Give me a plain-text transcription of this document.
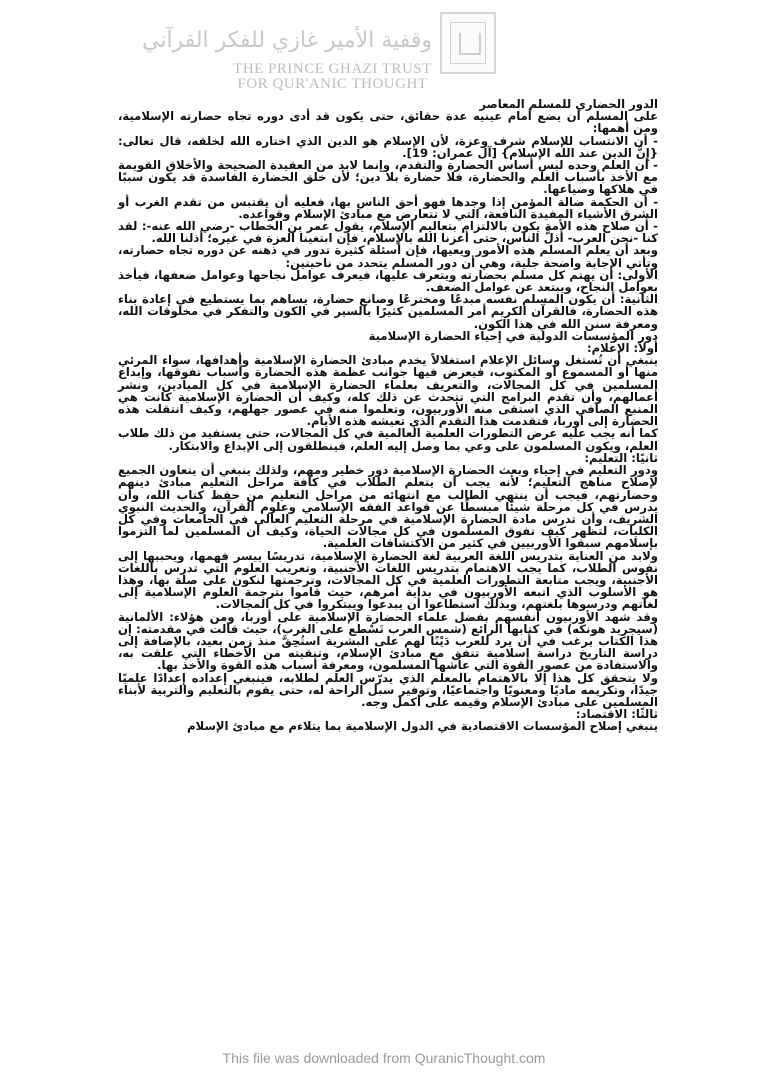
وقفية الأمير غازي للفكر القرآني
THE PRINCE GHAZI TRUST
FOR QUR'ANIC THOUGHT

الدور الحضاري للمسلم المعاصر

على المسلم أن يضع أمام عينيه عدة حقائق، حتى يكون قد أدى دوره تجاه حضارته الإسلامية، ومن أهمها:

- أن الانتساب للإسلام شرف وعزة، لأن الإسلام هو الدين الذي اختاره الله لخلقه، قال تعالى: {إِنَّ الدين عند الله الإسلام} [آل عمران: 19].

- أن العلم وحده ليس أساس الحضارة والتقدم، وإنما لابد من العقيدة الصحيحة والأخلاق القويمة مع الأخذ بأسباب العلم والحضارة، فلا حضارة بلا دين؛ لأن خلق الحضارة الفاسدة قد يكون سببًا في هلاكها وضياعها.

- أن الحكمة ضالة المؤمن إذا وجدها فهو أحق الناس بها، فعليه أن يقتبس من تقدم الغرب أو الشرق الأشياء المفيدة النافعة، التي لا تتعارض مع مبادئ الإسلام وقواعده.

- أن صلاح هذه الأمة يكون بالالتزام بتعاليم الإسلام، يقول عمر بن الخطاب -رضي الله عنه-: لقد كنا -نحن العرب- أذلَّ الناس، حتى أعزنا الله بالإسلام، فإن ابتغينا العزة في غيره؛ أذلنا الله.

وبعد أن يعلم المسلم هذه الأمور ويعيها، فإن أسئلة كثيرة تدور في ذهنه عن دوره تجاه حضارته، وتأتي الإجابة واضحة جلية، وهي أن دور المسلم يتحدد من ناحيتين:

الأولى: أن يهتم كل مسلم بحضارته ويتعرف عليها، فيعرف عوامل نجاحها وعوامل ضعفها، فيأخذ بعوامل النجاح، ويبتعد عن عوامل الضعف.

الثانية: أن يكون المسلم نفسه مبدعًا ومخترعًا وصانع حضارة، يساهم بما يستطيع في إعادة بناء هذه الحضارة، فالقرآن الكريم أمر المسلمين كثيرًا بالسير في الكون والتفكر في مخلوقات الله، ومعرفة سنن الله في هذا الكون.

دور المؤسسات الدولية في إحياء الحضارة الإسلامية

أولاً: الإعلام:

ينبغي أن تُستغل وسائل الإعلام استغلالاً يخدم مبادئ الحضارة الإسلامية وأهدافها، سواء المرئي منها أو المسموع أو المكتوب، فيعرض فيها جوانب عظمة هذه الحضارة وأسباب تفوقها، وإبداع المسلمين في كل المجالات، والتعريف بعلماء الحضارة الإسلامية في كل الميادين، ونشر أعمالهم، وأن تقدم البرامج التي تتحدث عن ذلك كله، وكيف أن الحضارة الإسلامية كانت هي المنبع الصافي الذي استقى منه الأوربيون، وتعلموا منه في عصور جهلهم، وكيف انتقلت هذه الحضارة إلى أوربا، فتقدمت هذا التقدم الذي تعيشه هذه الأيام.

كما أنه يجب عليه عرض التطورات العلمية العالمية في كل المجالات، حتى يستفيد من ذلك طلاب العلم، ويكون المسلمون على وعي بما وصل إليه العلم، فينطلقون إلى الإبداع والابتكار.

ثانيًا: التعليم:

ودور التعليم في إحياء وبعث الحضارة الإسلامية دور خطير ومهم، ولذلك ينبغي أن يتعاون الجميع لإصلاح مناهج التعليم؛ لأنه يجب أن يتعلم الطلاب في كافة مراحل التعليم مبادئ دينهم وحضارتهم، فيجب أن ينتهي الطالب مع انتهائه من مراحل التعليم من حفظ كتاب الله، وأن يدرس في كل مرحلة شيئًا مبسطًا عن قواعد الفقه الإسلامي وعلوم القرآن، والحديث النبوي الشريف، وأن تدرس مادة الحضارة الإسلامية في مرحلة التعليم العالي في الجامعات وفي كل الكليات، لتظهر كيف تفوق المسلمون في كل مجالات الحياة، وكيف أن المسلمين لما التزموا بإسلامهم سبقوا الأوربيين في كثير من الاكتشافات العلمية.

ولابد من العناية بتدريس اللغة العربية لغة الحضارة الإسلامية، تدريسًا ييسر فهمها، ويحببها إلى نفوس الطلاب، كما يجب الاهتمام بتدريس اللغات الأجنبية، وتعريب العلوم التي تدرس باللغات الأجنبية، ويجب متابعة التطورات العلمية في كل المجالات، وترجمتها لنكون على صلة بها، وهذا هو الأسلوب الذي اتبعه الأوربيون في بداية أمرهم، حيث قاموا بترجمة العلوم الإسلامية إلى لغاتهم ودرسوها بلغتهم، وبذلك استطاعوا أن يبدعوا ويبتكروا في كل المجالات.

وقد شهد الأوربيون أنفسهم بفضل علماء الحضارة الإسلامية على أوربا، ومن هؤلاء: الألمانية (سيجريد هونكه) في كتابها الرائع (شمس العرب تَسْطع على الغرب)، حيث قالت في مقدمته: إن هذا الكتاب يرغب في أن يرد للعرب دَيْنًا لهم على البشرية استُحِقَّ منذ زمن بعيد، بالإضافة إلى دراسة التاريخ دراسة إسلامية تتفق مع مبادئ الإسلام، وتنقيته من الأخطاء التي علقت به، والاستفادة من عصور القوة التي عاشها المسلمون، ومعرفة أسباب هذه القوة والأخذ بها.

ولا يتحقق كل هذا إلا بالاهتمام بالمعلم الذي يدرّس العلم لطلابه، فينبغي إعداده إعدادًا علميًا جيدًا، وتكريمه ماديًا ومعنويًا واجتماعيًا، وتوفير سبل الراحة له، حتى يقوم بالتعليم والتربية لأبناء المسلمين على مبادئ الإسلام وقيمه على أكمل وجه.

ثالثًا: الاقتصاد:

ينبغي إصلاح المؤسسات الاقتصادية في الدول الإسلامية بما يتلاءم مع مبادئ الإسلام

This file was downloaded from QuranicThought.com
